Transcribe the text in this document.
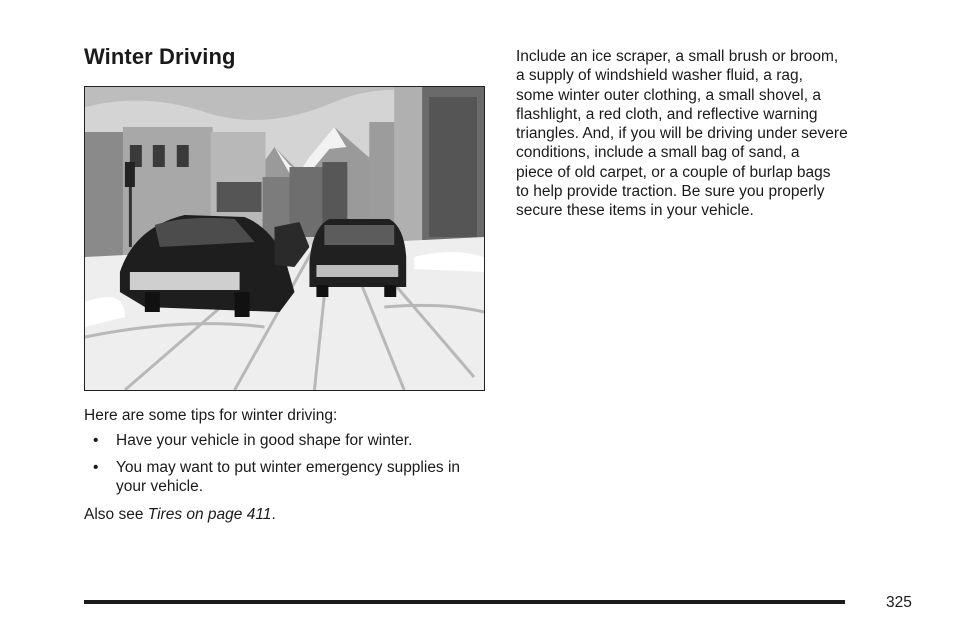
Winter Driving

Here are some tips for winter driving:

• Have your vehicle in good shape for winter.
• You may want to put winter emergency supplies in your vehicle.

Also see Tires on page 411.

Include an ice scraper, a small brush or broom,
a supply of windshield washer fluid, a rag,
some winter outer clothing, a small shovel, a
flashlight, a red cloth, and reflective warning
triangles. And, if you will be driving under severe
conditions, include a small bag of sand, a
piece of old carpet, or a couple of burlap bags
to help provide traction. Be sure you properly
secure these items in your vehicle.

325
